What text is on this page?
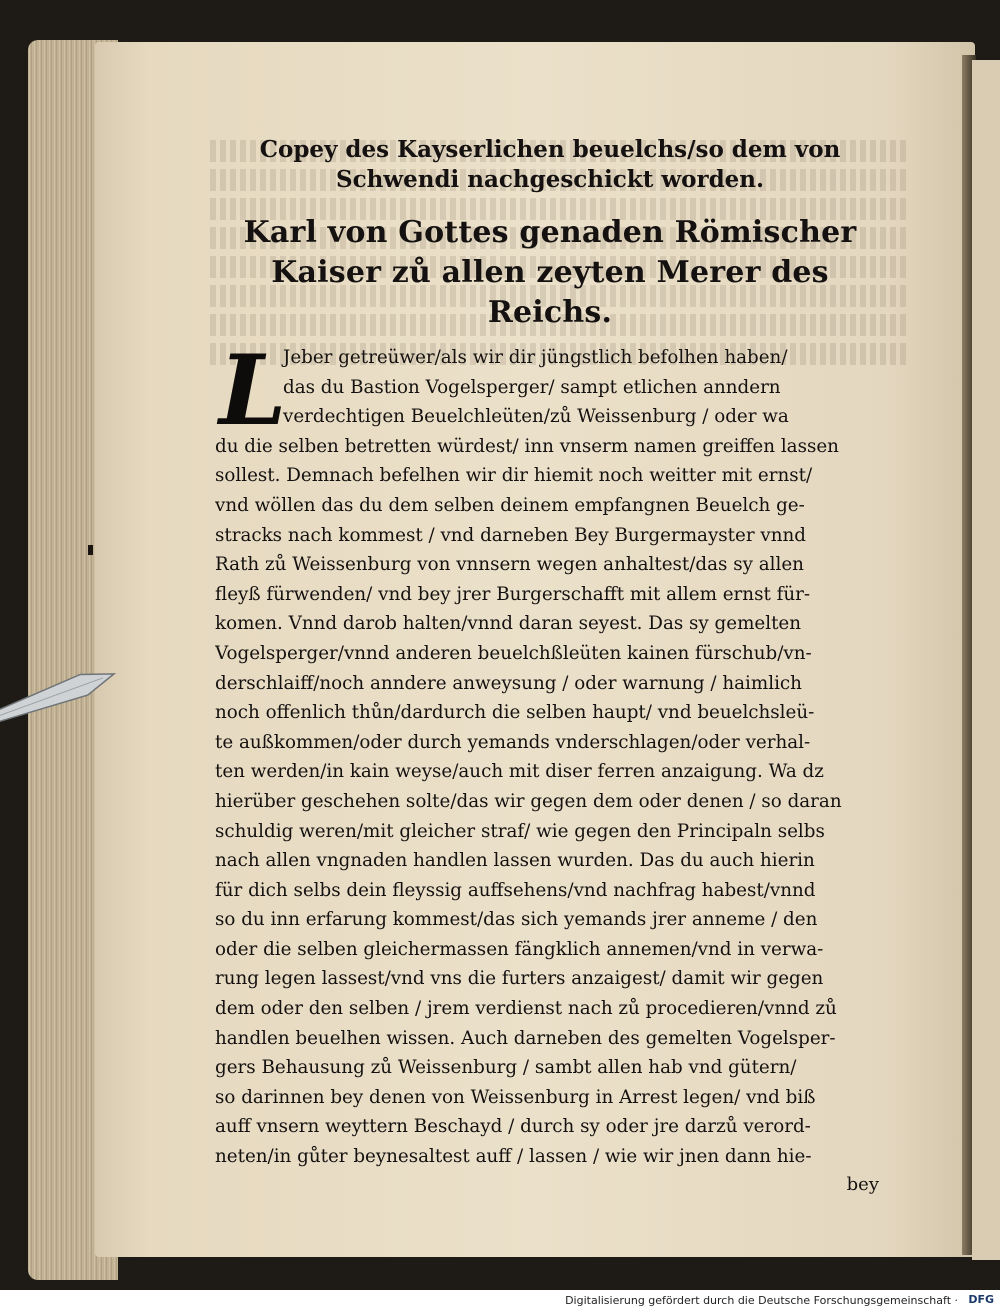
Copey des Kayserlichen beuelchs/so dem von

Schwendi nachgeschickt worden.

Karl von Gottes genaden Römischer

Kaiser zů allen zeyten Merer des Reichs.

L
Jeber getreüwer/als wir dir jüngstlich befolhen haben/
das du Bastion Vogelsperger/ sampt etlichen anndern
verdechtigen Beuelchleüten/zů Weissenburg / oder wa
du die selben betretten würdest/ inn vnserm namen greiffen lassen
sollest. Demnach befelhen wir dir hiemit noch weitter mit ernst/
vnd wöllen das du dem selben deinem empfangnen Beuelch ge-
stracks nach kommest / vnd darneben Bey Burgermayster vnnd
Rath zů Weissenburg von vnnsern wegen anhaltest/das sy allen
fleyß fürwenden/ vnd bey jrer Burgerschafft mit allem ernst für-
komen. Vnnd darob halten/vnnd daran seyest. Das sy gemelten
Vogelsperger/vnnd anderen beuelchßleüten kainen fürschub/vn-
derschlaiff/noch anndere anweysung / oder warnung / haimlich
noch offenlich thůn/dardurch die selben haupt/ vnd beuelchsleü-
te außkommen/oder durch yemands vnderschlagen/oder verhal-
ten werden/in kain weyse/auch mit diser ferren anzaigung. Wa dz
hierüber geschehen solte/das wir gegen dem oder denen / so daran
schuldig weren/mit gleicher straf/ wie gegen den Principaln selbs
nach allen vngnaden handlen lassen wurden. Das du auch hierin
für dich selbs dein fleyssig auffsehens/vnd nachfrag habest/vnnd
so du inn erfarung kommest/das sich yemands jrer anneme / den
oder die selben gleichermassen fängklich annemen/vnd in verwa-
rung legen lassest/vnd vns die furters anzaigest/ damit wir gegen
dem oder den selben / jrem verdienst nach zů procedieren/vnnd zů
handlen beuelhen wissen. Auch darneben des gemelten Vogelsper-
gers Behausung zů Weissenburg / sambt allen hab vnd gütern/
so darinnen bey denen von Weissenburg in Arrest legen/ vnd biß
auff vnsern weyttern Beschayd / durch sy oder jre darzů verord-
neten/in gůter beynesaltest auff / lassen / wie wir jnen dann hie-
bey
Digitalisierung gefördert durch die Deutsche Forschungsgemeinschaft · DFG
